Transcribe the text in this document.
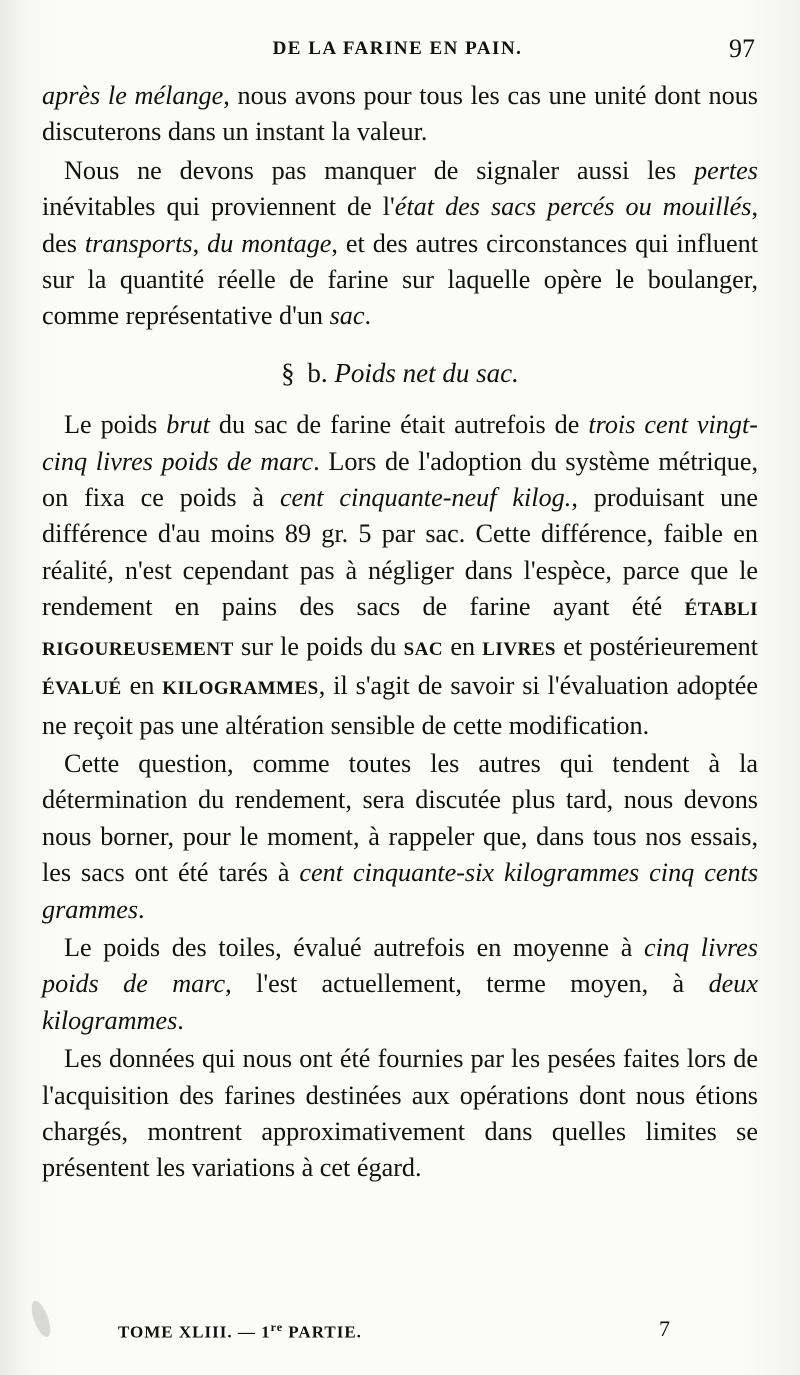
DE LA FARINE EN PAIN.	97

après le mélange, nous avons pour tous les cas une unité dont nous discuterons dans un instant la valeur.

Nous ne devons pas manquer de signaler aussi les pertes inévitables qui proviennent de l'état des sacs percés ou mouillés, des transports, du montage, et des autres circonstances qui influent sur la quantité réelle de farine sur laquelle opère le boulanger, comme représentative d'un sac.

§ b. Poids net du sac.

Le poids brut du sac de farine était autrefois de trois cent vingt-cinq livres poids de marc. Lors de l'adoption du système métrique, on fixa ce poids à cent cinquante-neuf kilog., produisant une différence d'au moins 89 gr. 5 par sac. Cette différence, faible en réalité, n'est cependant pas à négliger dans l'espèce, parce que le rendement en pains des sacs de farine ayant été ÉTABLI RIGOUREUSEMENT sur le poids du SAC en LIVRES et postérieurement ÉVALUÉ en KILOGRAMMES, il s'agit de savoir si l'évaluation adoptée ne reçoit pas une altération sensible de cette modification.

Cette question, comme toutes les autres qui tendent à la détermination du rendement, sera discutée plus tard, nous devons nous borner, pour le moment, à rappeler que, dans tous nos essais, les sacs ont été tarés à cent cinquante-six kilogrammes cinq cents grammes.

Le poids des toiles, évalué autrefois en moyenne à cinq livres poids de marc, l'est actuellement, terme moyen, à deux kilogrammes.

Les données qui nous ont été fournies par les pesées faites lors de l'acquisition des farines destinées aux opérations dont nous étions chargés, montrent approximativement dans quelles limites se présentent les variations à cet égard.

TOME XLIII. — 1re PARTIE.	7
